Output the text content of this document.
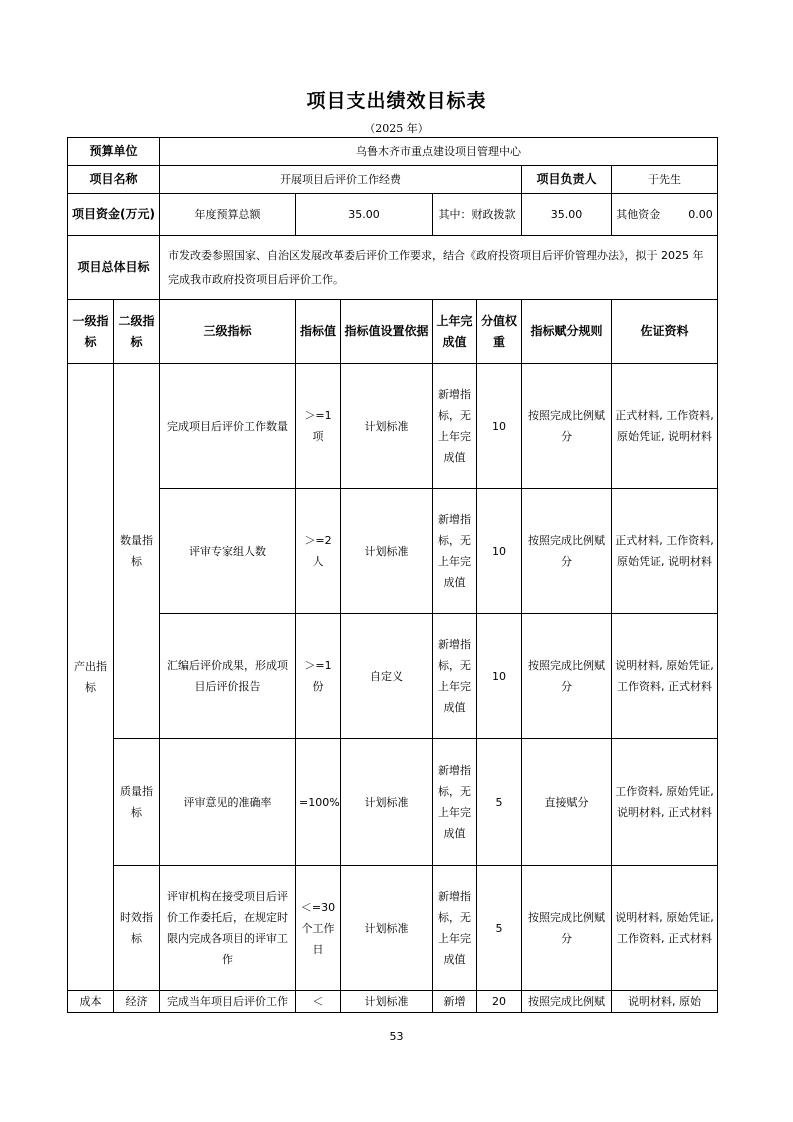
项目支出绩效目标表
（2025 年）
预算单位		乌鲁木齐市重点建设项目管理中心						
项目名称		开展项目后评价工作经费					项目负责人	于先生
项目资金(万元)		年度预算总额	35.00		其中：财政拨款		35.00	其他资金 0.00
项目总体目标		市发改委参照国家、自治区发展改革委后评价工作要求，结合《政府投资项目后评价管理办法》，拟于 2025 年完成我市政府投资项目后评价工作。						
一级指标	二级指标	三级指标	指标值	指标值设置依据	上年完成值	分值权重	指标赋分规则	佐证资料
产出指标	数量指标	完成项目后评价工作数量	＞=1项	计划标准	新增指标，无上年完成值	10	按照完成比例赋分	正式材料, 工作资料, 原始凭证, 说明材料
		评审专家组人数	＞=2人	计划标准	新增指标，无上年完成值	10	按照完成比例赋分	正式材料, 工作资料, 原始凭证, 说明材料
		汇编后评价成果，形成项目后评价报告	＞=1份	自定义	新增指标，无上年完成值	10	按照完成比例赋分	说明材料, 原始凭证, 工作资料, 正式材料
	质量指标	评审意见的准确率	=100%	计划标准	新增指标，无上年完成值	5	直接赋分	工作资料, 原始凭证, 说明材料, 正式材料
	时效指标	评审机构在接受项目后评价工作委托后，在规定时限内完成各项目的评审工作	＜=30个工作日	计划标准	新增指标，无上年完成值	5	按照完成比例赋分	说明材料, 原始凭证, 工作资料, 正式材料
成本	经济	完成当年项目后评价工作	＜	计划标准	新增	20	按照完成比例赋	说明材料, 原始
53
